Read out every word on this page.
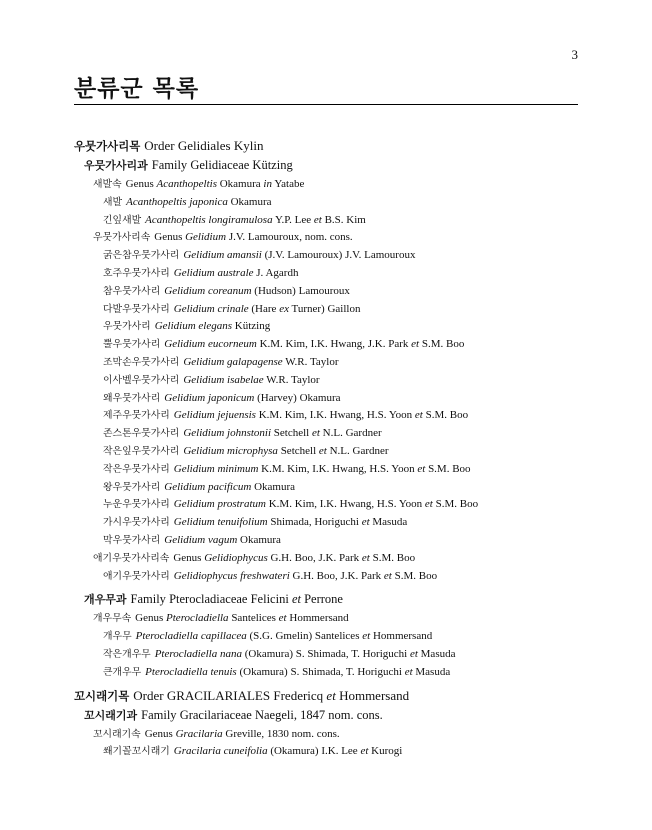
3
분류군 목록
우뭇가사리목 Order Gelidiales Kylin
우뭇가사리과 Family Gelidiaceae Kützing
새발속 Genus Acanthopeltis Okamura in Yatabe
새발 Acanthopeltis japonica Okamura
긴잎새발 Acanthopeltis longiramulosa Y.P. Lee et B.S. Kim
우뭇가사리속 Genus Gelidium J.V. Lamouroux, nom. cons.
굵은참우뭇가사리 Gelidium amansii (J.V. Lamouroux) J.V. Lamouroux
호주우뭇가사리 Gelidium australe J. Agardh
참우뭇가사리 Gelidium coreanum (Hudson) Lamouroux
다발우뭇가사리 Gelidium crinale (Hare ex Turner) Gaillon
우뭇가사리 Gelidium elegans Kützing
뿔우뭇가사리 Gelidium eucorneum K.M. Kim, I.K. Hwang, J.K. Park et S.M. Boo
조막손우뭇가사리 Gelidium galapagense W.R. Taylor
이사벨우뭇가사리 Gelidium isabelae W.R. Taylor
왜우뭇가사리 Gelidium japonicum (Harvey) Okamura
제주우뭇가사리 Gelidium jejuensis K.M. Kim, I.K. Hwang, H.S. Yoon et S.M. Boo
존스톤우뭇가사리 Gelidium johnstonii Setchell et N.L. Gardner
작은잎우뭇가사리 Gelidium microphysa Setchell et N.L. Gardner
작은우뭇가사리 Gelidium minimum K.M. Kim, I.K. Hwang, H.S. Yoon et S.M. Boo
왕우뭇가사리 Gelidium pacificum Okamura
누운우뭇가사리 Gelidium prostratum K.M. Kim, I.K. Hwang, H.S. Yoon et S.M. Boo
가시우뭇가사리 Gelidium tenuifolium Shimada, Horiguchi et Masuda
막우뭇가사리 Gelidium vagum Okamura
애기우뭇가사리속 Genus Gelidiophycus G.H. Boo, J.K. Park et S.M. Boo
애기우뭇가사리 Gelidiophycus freshwateri G.H. Boo, J.K. Park et S.M. Boo
개우무과 Family Pterocladiaceae Felicini et Perrone
개우무속 Genus Pterocladiella Santelices et Hommersand
개우무 Pterocladiella capillacea (S.G. Gmelin) Santelices et Hommersand
작은개우무 Pterocladiella nana (Okamura) S. Shimada, T. Horiguchi et Masuda
큰개우무 Pterocladiella tenuis (Okamura) S. Shimada, T. Horiguchi et Masuda
꼬시래기목 Order GRACILARIALES Fredericq et Hommersand
꼬시래기과 Family Gracilariaceae Naegeli, 1847 nom. cons.
꼬시래기속 Genus Gracilaria Greville, 1830 nom. cons.
쐐기꼴꼬시래기 Gracilaria cuneifolia (Okamura) I.K. Lee et Kurogi
